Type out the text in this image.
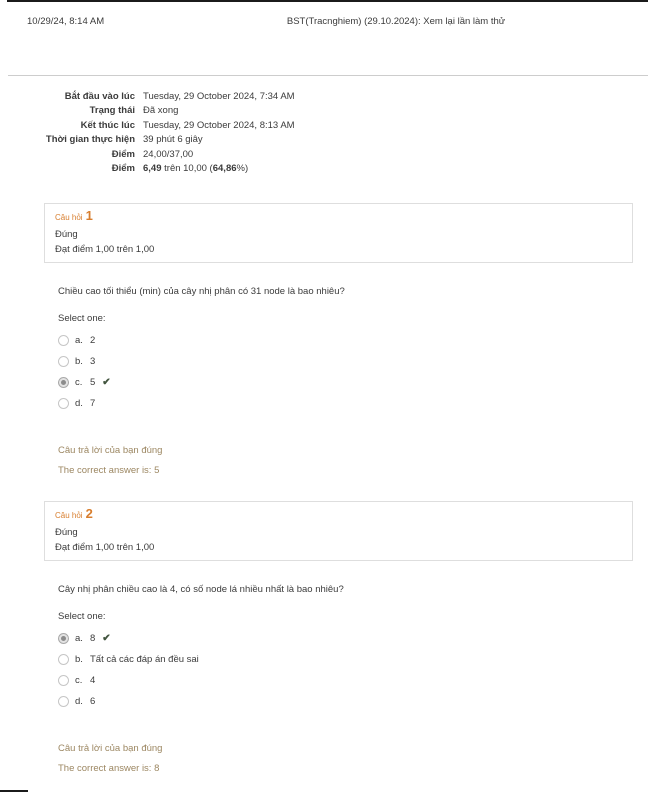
10/29/24, 8:14 AM	BST(Tracnghiem) (29.10.2024): Xem lại lần làm thử
Bắt đầu vào lúc	Tuesday, 29 October 2024, 7:34 AM
Trạng thái	Đã xong
Kết thúc lúc	Tuesday, 29 October 2024, 8:13 AM
Thời gian thực hiện	39 phút 6 giây
Điểm	24,00/37,00
Điểm	6,49 trên 10,00 (64,86%)
Câu hỏi 1
Đúng
Đạt điểm 1,00 trên 1,00
Chiều cao tối thiểu (min) của cây nhị phân có 31 node là bao nhiêu?
Select one:
a. 2
b. 3
c. 5 ✔
d. 7
Câu trả lời của bạn đúng
The correct answer is: 5
Câu hỏi 2
Đúng
Đạt điểm 1,00 trên 1,00
Cây nhị phân chiều cao là 4, có số node lá nhiều nhất là bao nhiêu?
Select one:
a. 8 ✔
b. Tất cả các đáp án đều sai
c. 4
d. 6
Câu trả lời của bạn đúng
The correct answer is: 8
